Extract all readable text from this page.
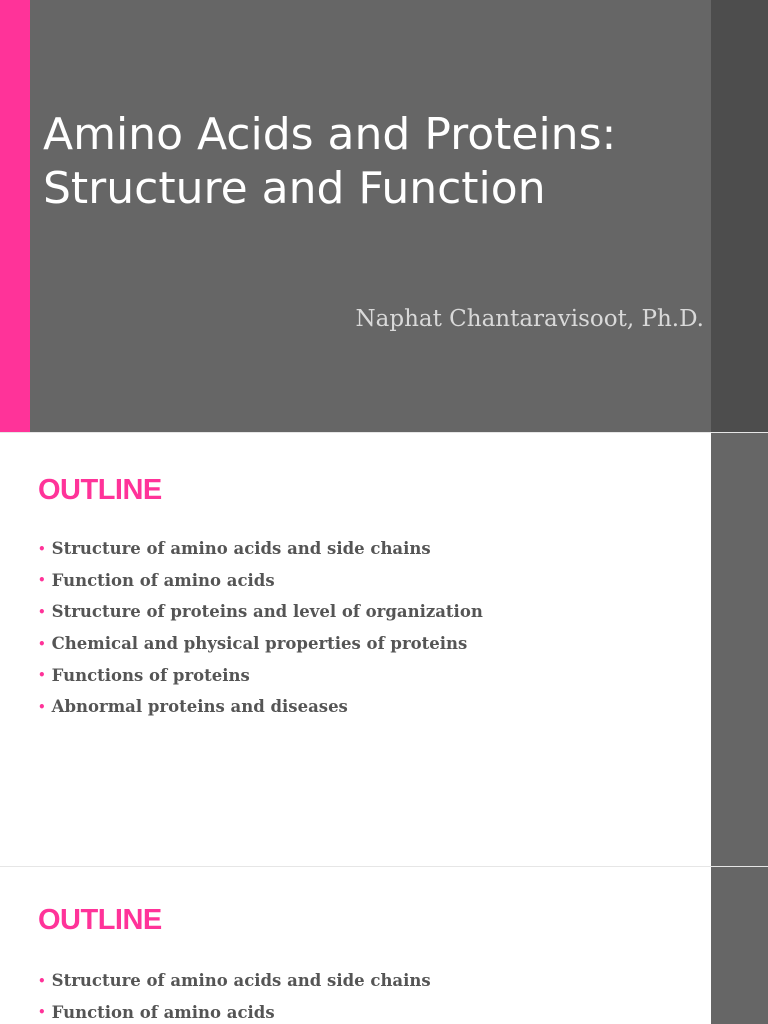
Amino Acids and Proteins:
Structure and Function

Naphat Chantaravisoot, Ph.D.

OUTLINE
• Structure of amino acids and side chains
• Function of amino acids
• Structure of proteins and level of organization
• Chemical and physical properties of proteins
• Functions of proteins
• Abnormal proteins and diseases
OUTLINE
• Structure of amino acids and side chains
• Function of amino acids
